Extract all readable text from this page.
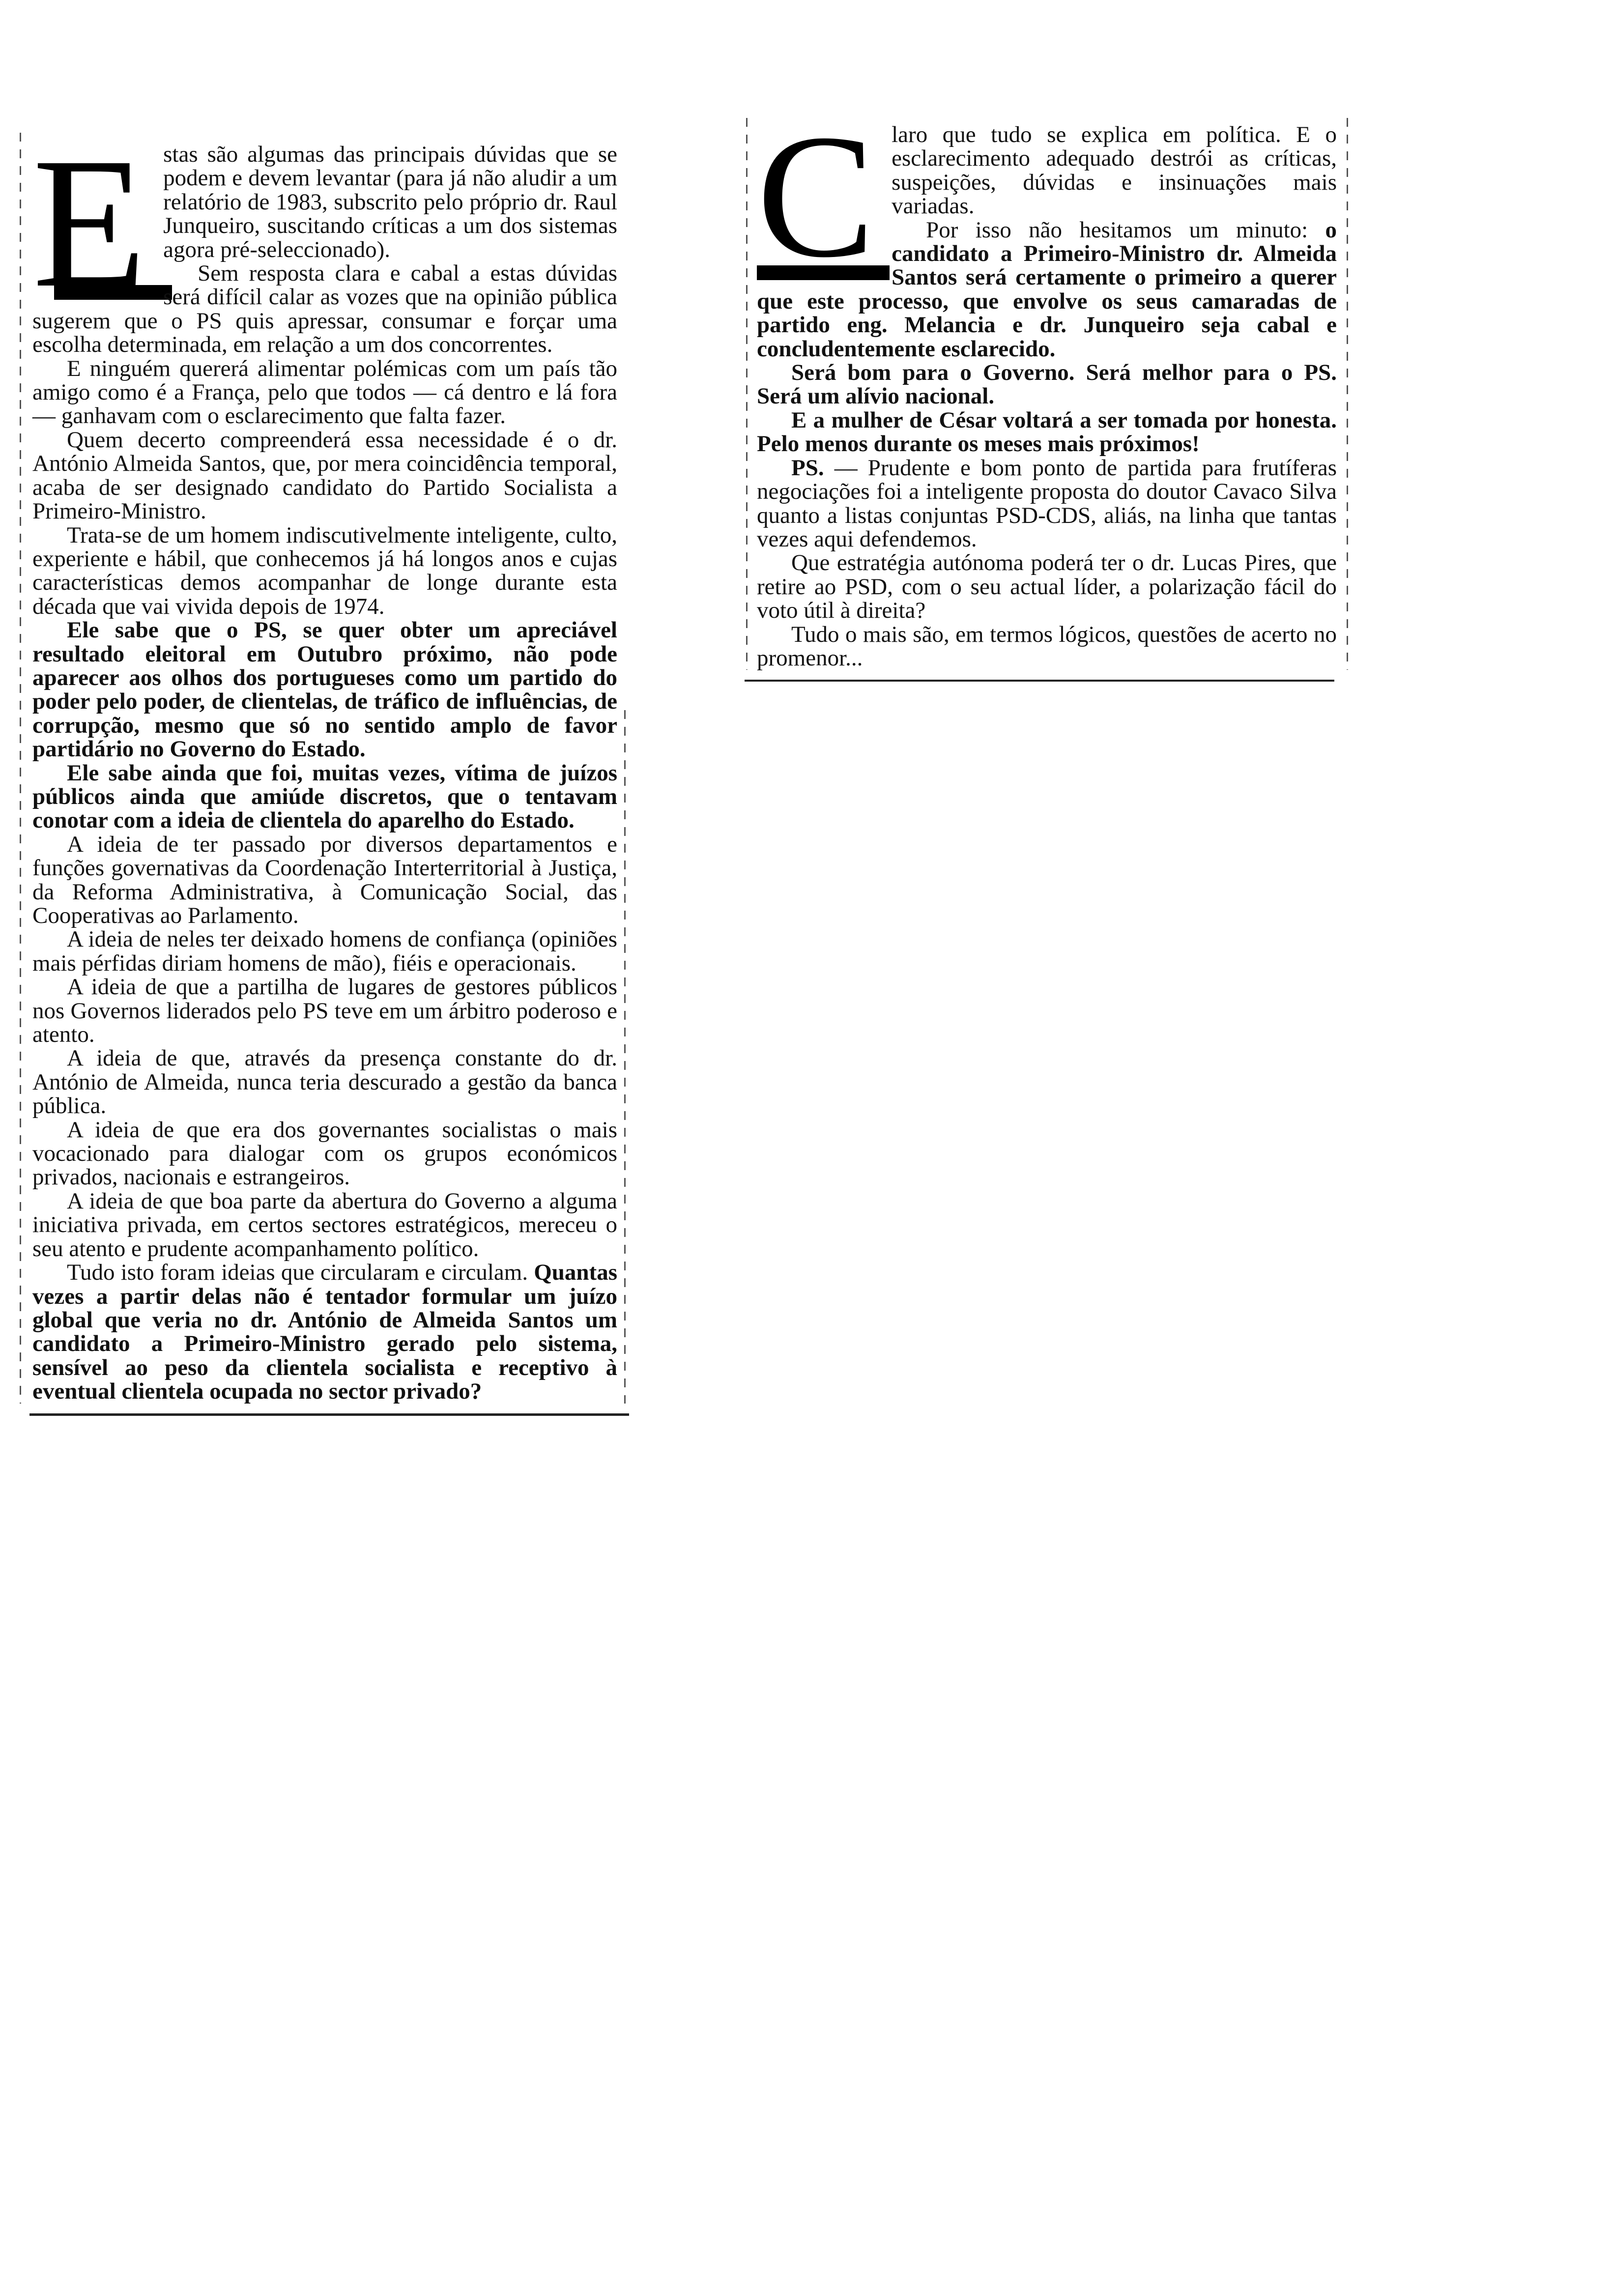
E stas são algumas das principais dúvidas que se podem e devem levantar (para já não aludir a um relatório de 1983, subscrito pelo próprio dr. Raul Junqueiro, suscitando críticas a um dos sistemas agora pré-seleccionado).

Sem resposta clara e cabal a estas dúvidas será difícil calar as vozes que na opinião pública sugerem que o PS quis apressar, consumar e forçar uma escolha determinada, em relação a um dos concorrentes.

E ninguém quererá alimentar polémicas com um país tão amigo como é a França, pelo que todos — cá dentro e lá fora — ganhavam com o esclarecimento que falta fazer.

Quem decerto compreenderá essa necessidade é o dr. António Almeida Santos, que, por mera coincidência temporal, acaba de ser designado candidato do Partido Socialista a Primeiro-Ministro.

Trata-se de um homem indiscutivelmente inteligente, culto, experiente e hábil, que conhecemos já há longos anos e cujas características demos acompanhar de longe durante esta década que vai vivida depois de 1974.

Ele sabe que o PS, se quer obter um apreciável resultado eleitoral em Outubro próximo, não pode aparecer aos olhos dos portugueses como um partido do poder pelo poder, de clientelas, de tráfico de influências, de corrupção, mesmo que só no sentido amplo de favor partidário no Governo do Estado.

Ele sabe ainda que foi, muitas vezes, vítima de juízos públicos ainda que amiúde discretos, que o tentavam conotar com a ideia de clientela do aparelho do Estado.

A ideia de ter passado por diversos departamentos e funções governativas da Coordenação Interterritorial à Justiça, da Reforma Administrativa, à Comunicação Social, das Cooperativas ao Parlamento.

A ideia de neles ter deixado homens de confiança (opiniões mais pérfidas diriam homens de mão), fiéis e operacionais.

A ideia de que a partilha de lugares de gestores públicos nos Governos liderados pelo PS teve em um árbitro poderoso e atento.

A ideia de que, através da presença constante do dr. António de Almeida, nunca teria descurado a gestão da banca pública.

A ideia de que era dos governantes socialistas o mais vocacionado para dialogar com os grupos económicos privados, nacionais e estrangeiros.

A ideia de que boa parte da abertura do Governo a alguma iniciativa privada, em certos sectores estratégicos, mereceu o seu atento e prudente acompanhamento político.

Tudo isto foram ideias que circularam e circulam. Quantas vezes a partir delas não é tentador formular um juízo global que veria no dr. António de Almeida Santos um candidato a Primeiro-Ministro gerado pelo sistema, sensível ao peso da clientela socialista e receptivo à eventual clientela ocupada no sector privado?

C laro que tudo se explica em política. E o esclarecimento adequado destrói as críticas, suspeições, dúvidas e insinuações mais variadas.

Por isso não hesitamos um minuto: o candidato a Primeiro-Ministro dr. Almeida Santos será certamente o primeiro a querer que este processo, que envolve os seus camaradas de partido eng. Melancia e dr. Junqueiro seja cabal e concludentemente esclarecido.

Será bom para o Governo. Será melhor para o PS. Será um alívio nacional.

E a mulher de César voltará a ser tomada por honesta. Pelo menos durante os meses mais próximos!

PS. — Prudente e bom ponto de partida para frutíferas negociações foi a inteligente proposta do doutor Cavaco Silva quanto a listas conjuntas PSD-CDS, aliás, na linha que tantas vezes aqui defendemos.

Que estratégia autónoma poderá ter o dr. Lucas Pires, que retire ao PSD, com o seu actual líder, a polarização fácil do voto útil à direita?

Tudo o mais são, em termos lógicos, questões de acerto no promenor...
